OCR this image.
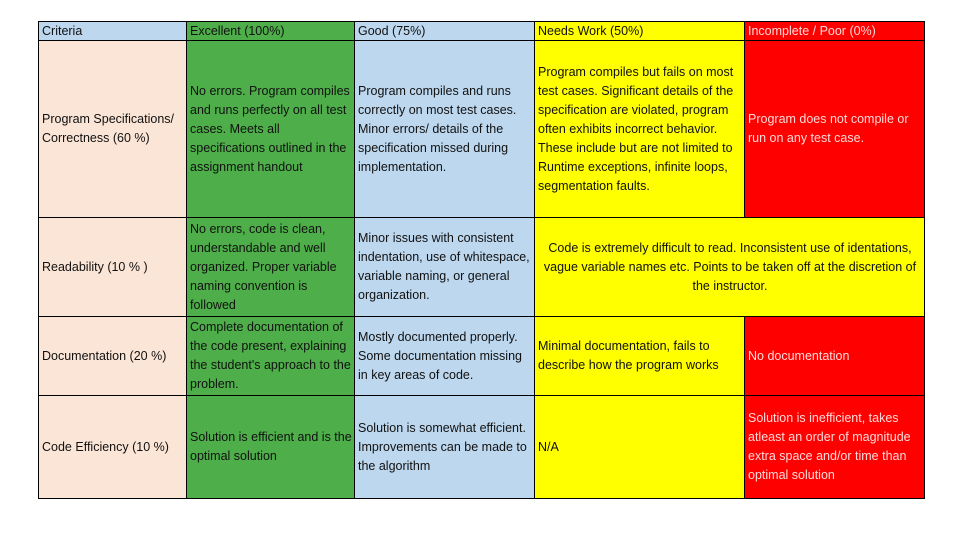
Criteria	Excellent (100%)	Good (75%)	Needs Work (50%)	Incomplete / Poor (0%)
Program Specifications/ Correctness (60 %)	No errors. Program compiles and runs perfectly on all test cases. Meets all specifications outlined in the assignment handout	Program compiles and runs correctly on most test cases. Minor errors/ details of the specification missed during implementation.	Program compiles but fails on most test cases. Significant details of the specification are violated, program often exhibits incorrect behavior. These include but are not limited to Runtime exceptions, infinite loops, segmentation faults.	Program does not compile or run on any test case.
Readability (10 % )	No errors, code is clean, understandable and well organized. Proper variable naming convention is followed	Minor issues with consistent indentation, use of whitespace, variable naming, or general organization.	Code is extremely difficult to read. Inconsistent use of identations, vague variable names etc. Points to be taken off at the discretion of the instructor.	
Documentation (20 %)	Complete documentation of the code present, explaining the student's approach to the problem.	Mostly documented properly. Some documentation missing in key areas of code.	Minimal documentation, fails to describe how the program works	No documentation
Code Efficiency (10 %)	Solution is efficient and is the optimal solution	Solution is somewhat efficient. Improvements can be made to the algorithm	N/A	Solution is inefficient, takes atleast an order of magnitude extra space and/or time than optimal solution
